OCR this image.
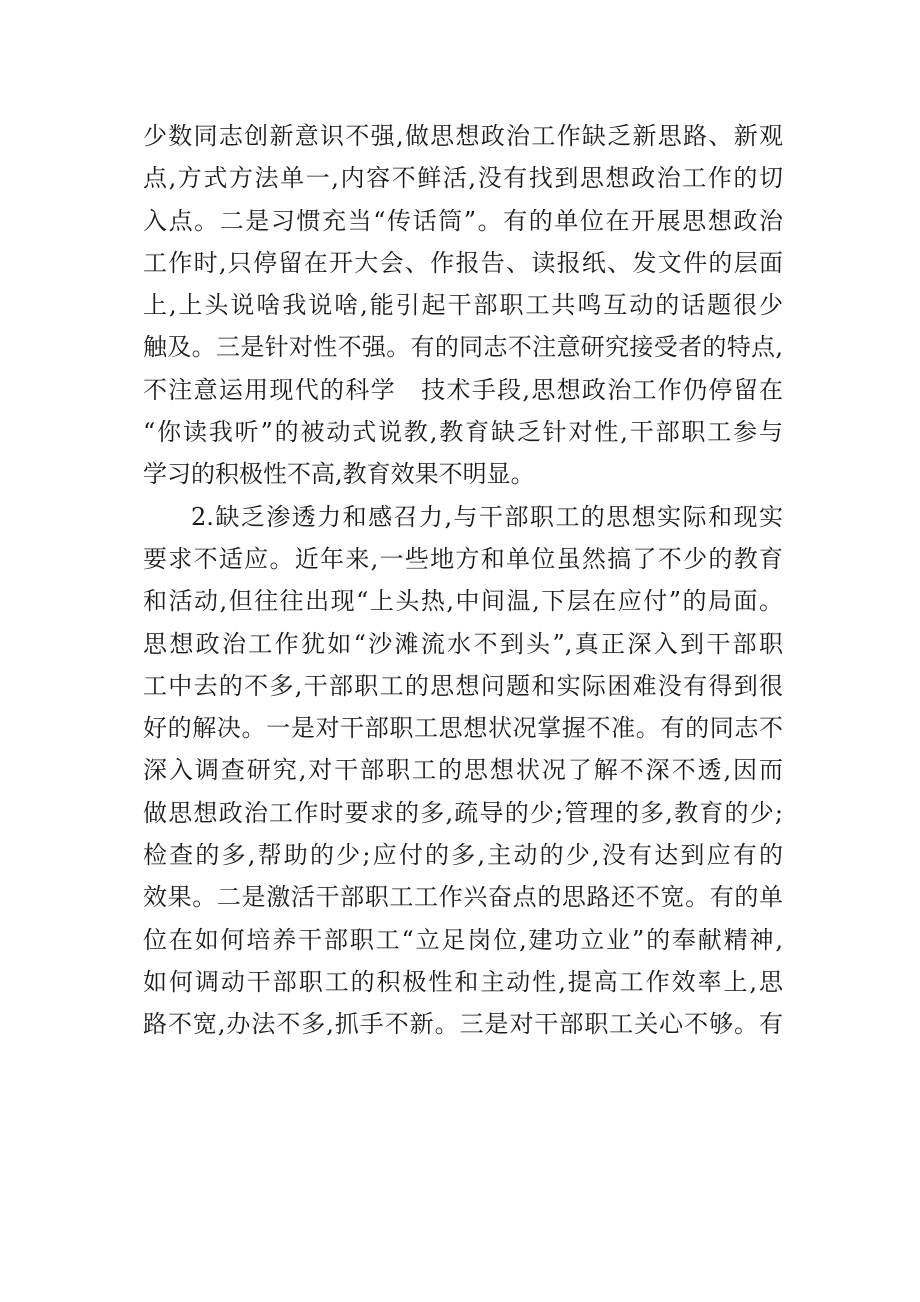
少数同志创新意识不强,做思想政治工作缺乏新思路、新观
点,方式方法单一,内容不鲜活,没有找到思想政治工作的切
入点。二是习惯充当“传话筒”。有的单位在开展思想政治
工作时,只停留在开大会、作报告、读报纸、发文件的层面
上,上头说啥我说啥,能引起干部职工共鸣互动的话题很少
触及。三是针对性不强。有的同志不注意研究接受者的特点,
不注意运用现代的科学　技术手段,思想政治工作仍停留在
“你读我听”的被动式说教,教育缺乏针对性,干部职工参与
学习的积极性不高,教育效果不明显。
2.缺乏渗透力和感召力,与干部职工的思想实际和现实
要求不适应。近年来,一些地方和单位虽然搞了不少的教育
和活动,但往往出现“上头热,中间温,下层在应付”的局面。
思想政治工作犹如“沙滩流水不到头”,真正深入到干部职
工中去的不多,干部职工的思想问题和实际困难没有得到很
好的解决。一是对干部职工思想状况掌握不准。有的同志不
深入调查研究,对干部职工的思想状况了解不深不透,因而
做思想政治工作时要求的多,疏导的少;管理的多,教育的少;
检查的多,帮助的少;应付的多,主动的少,没有达到应有的
效果。二是激活干部职工工作兴奋点的思路还不宽。有的单
位在如何培养干部职工“立足岗位,建功立业”的奉献精神,
如何调动干部职工的积极性和主动性,提高工作效率上,思
路不宽,办法不多,抓手不新。三是对干部职工关心不够。有
